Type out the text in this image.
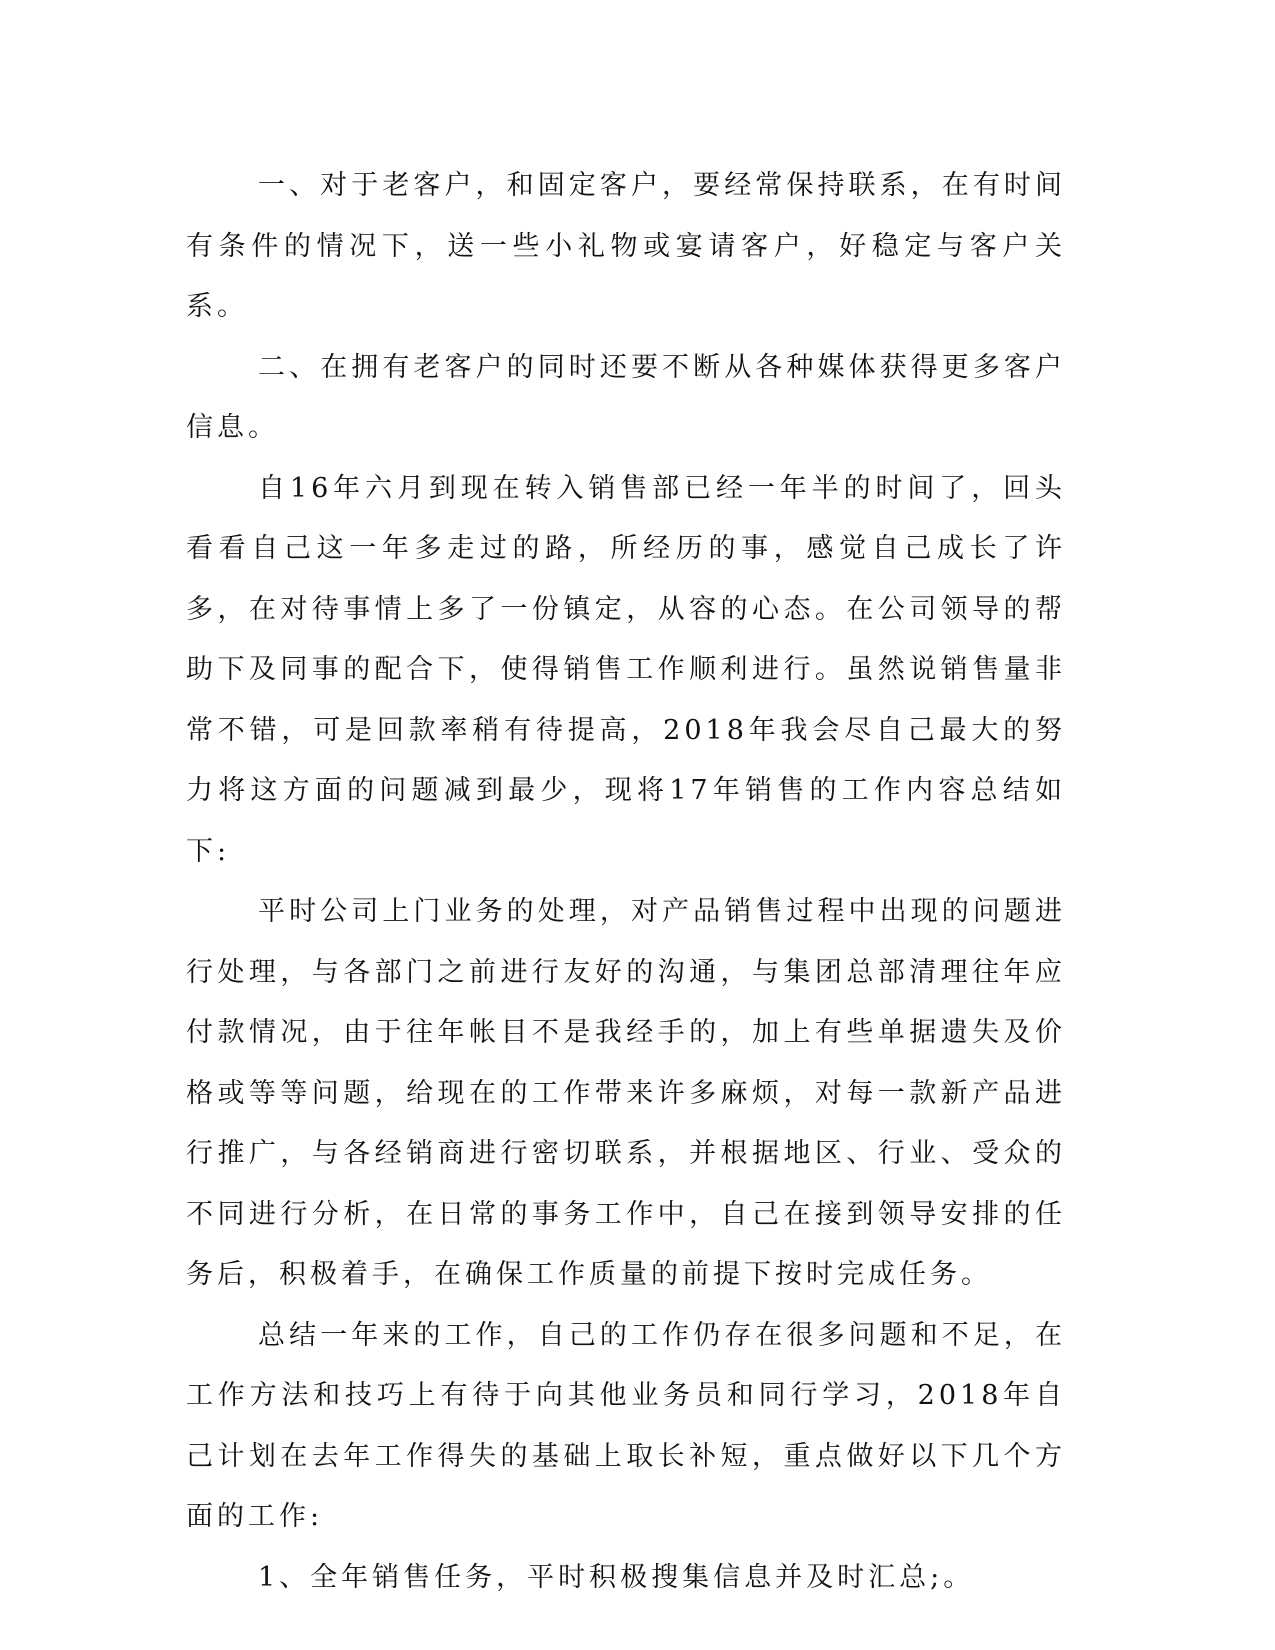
一、对于老客户，和固定客户，要经常保持联系，在有时间有条件的情况下，送一些小礼物或宴请客户，好稳定与客户关系。

二、在拥有老客户的同时还要不断从各种媒体获得更多客户信息。

自16年六月到现在转入销售部已经一年半的时间了，回头看看自己这一年多走过的路，所经历的事，感觉自己成长了许多，在对待事情上多了一份镇定，从容的心态。在公司领导的帮助下及同事的配合下，使得销售工作顺利进行。虽然说销售量非常不错，可是回款率稍有待提高，2018年我会尽自己最大的努力将这方面的问题减到最少，现将17年销售的工作内容总结如下:

平时公司上门业务的处理，对产品销售过程中出现的问题进行处理，与各部门之前进行友好的沟通，与集团总部清理往年应付款情况，由于往年帐目不是我经手的，加上有些单据遗失及价格或等等问题，给现在的工作带来许多麻烦，对每一款新产品进行推广，与各经销商进行密切联系，并根据地区、行业、受众的不同进行分析，在日常的事务工作中，自己在接到领导安排的任务后，积极着手，在确保工作质量的前提下按时完成任务。

总结一年来的工作，自己的工作仍存在很多问题和不足，在工作方法和技巧上有待于向其他业务员和同行学习，2018年自己计划在去年工作得失的基础上取长补短，重点做好以下几个方面的工作:

1、全年销售任务，平时积极搜集信息并及时汇总;。
